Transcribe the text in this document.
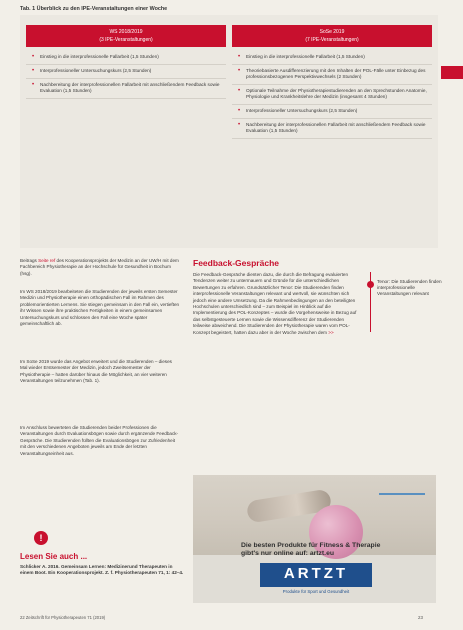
Tab. 1 Überblick zu den IPE-Veranstaltungen einer Woche
WS 2018/2019
(3 IPE-Veranstaltungen)
SoSe 2019
(7 IPE-Veranstaltungen)
• Einstieg in die interprofessionelle Fallarbeit (1,5 Stunden)
• Interprofessioneller Untersuchungskurs (2,5 Stunden)
• Nachbereitung der interprofessionellen Fallarbeit mit anschließendem Feedback sowie Evaluation (1,5 Stunden)
• Einstieg in die interprofessionelle Fallarbeit (1,5 Stunden)
• Theoriebasierte Ausdifferenzierung mit den Inhalten der POL-Fälle unter Einbezug des professionsbezogenen Perspektivwechsels (2 Stunden)
• Optionale Teilnahme der Physiotherapiestudierenden an den Sprechstunden Anatomie, Physiologie und Krankheitslehre der Medizin (insgesamt 4 Stunden)
• Interprofessioneller Untersuchungskurs (2,5 Stunden)
• Nachbereitung der interprofessionellen Fallarbeit mit anschließendem Feedback sowie Evaluation (1,5 Stunden)

Beitrags Seite ref des Kooperationsprojekts der Medizin an der UW/H mit dem Fachbereich Physiotherapie an der Hochschule für Gesundheit in Bochum (hsg).

Im WS 2018/2019 bearbeiteten die Studierenden der jeweils ersten Semester Medizin und Physiotherapie einen orthopädischen Fall im Rahmen des problemorientierten Lernens. Sie stiegen gemeinsam in den Fall ein, vertieften ihr Wissen sowie ihre praktischen Fertigkeiten in einem gemeinsamen Untersuchungskurs und schlossen den Fall eine Woche später gemeinschaftlich ab.

Im SoSe 2019 wurde das Angebot erweitert und die Studierenden – dieses Mal wieder Erstsemester der Medizin, jedoch Zweitsemester der Physiotherapie – hatten darüber hinaus die Möglichkeit, an vier weiteren Veranstaltungen teilzunehmen (Tab. 1).

Im Anschluss bewerteten die Studierenden beider Professionen die Veranstaltungen durch Evaluationsbögen sowie durch ergänzende Feedback-Gespräche. Die Studierenden füllten die Evaluationsbögen zur Zufriedenheit mit den verschiedenen Angeboten jeweils am Ende der letzten Veranstaltungseinheit aus.

Feedback-Gespräche

Die Feedback-Gespräche dienten dazu, die durch die Befragung evaluierten Tendenzen weiter zu untermauern und Gründe für die unterschiedlichen Bewertungen zu erfahren. Grundsätzlicher Tenor: Die Studierenden finden interprofessionelle Veranstaltungen relevant und wertvoll, sie wünschten sich jedoch eine andere Umsetzung. Da die Rahmenbedingungen an den beteiligten Hochschulen unterschiedlich sind – zum Beispiel im Hinblick auf die Implementierung des POL-Konzeptes – wurde die Vorgehensweise in Bezug auf das selbstgesteuerte Lernen sowie die Wissensdifferenz der Studierenden teilweise abweichend. Die Studierenden der Physiotherapie waren vom POL-Konzept begeistert, hatten dazu aber in der Woche zwischen dem >>

Tenor: Die Studierenden finden interprofessionelle Veranstaltungen relevant
!
Lesen Sie auch ...
Schlicker A. 2016. Gemeinsam Lernen: Medizinerund Therapeuten in einem Boot. Ein Kooperationsprojekt. Z. f. Physiotherapeuten 71, 1: 42–4.
Die besten Produkte für Fitness & Therapie
gibt's nur online auf: artzt.eu
ARTZT
Produkte für Sport und Gesundheit
22 Zeitschrift für Physiotherapeuten 71 (2019)	23
